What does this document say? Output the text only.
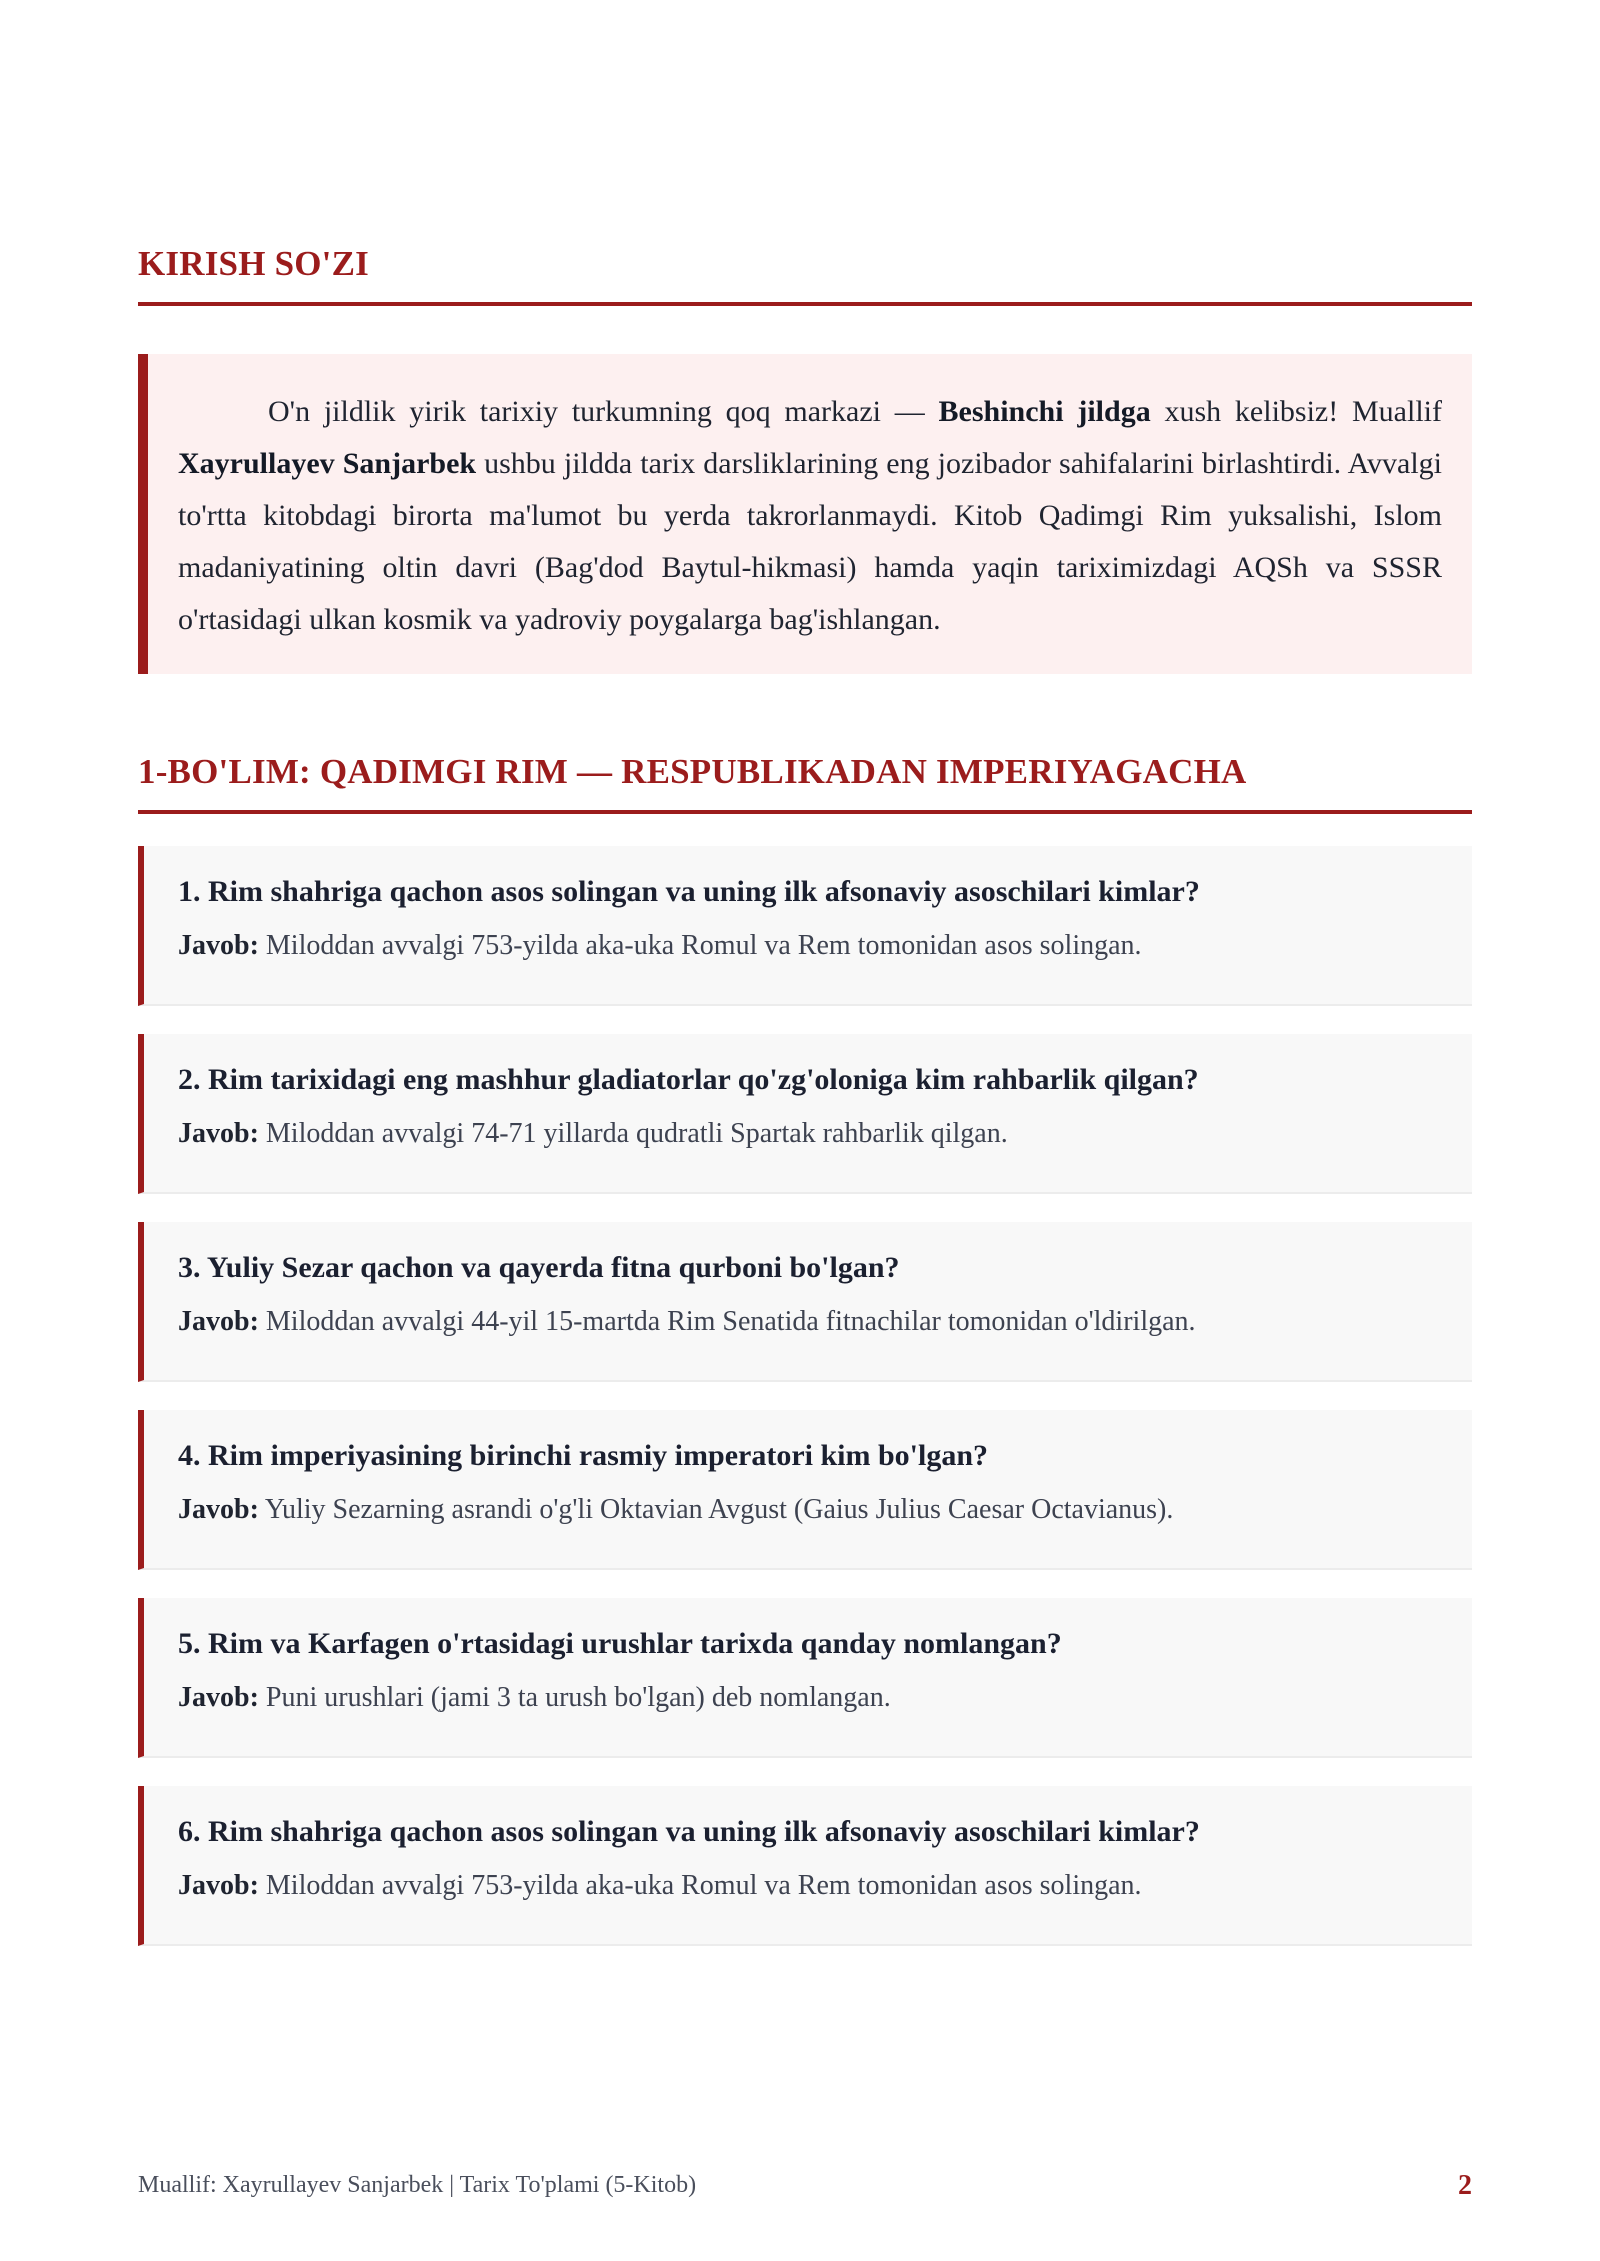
KIRISH SO'ZI

O'n jildlik yirik tarixiy turkumning qoq markazi — Beshinchi jildga xush kelibsiz! Muallif Xayrullayev Sanjarbek ushbu jildda tarix darsliklarining eng jozibador sahifalarini birlashtirdi. Avvalgi to'rtta kitobdagi birorta ma'lumot bu yerda takrorlanmaydi. Kitob Qadimgi Rim yuksalishi, Islom madaniyatining oltin davri (Bag'dod Baytul-hikmasi) hamda yaqin tariximizdagi AQSh va SSSR o'rtasidagi ulkan kosmik va yadroviy poygalarga bag'ishlangan.

1-BO'LIM: QADIMGI RIM — RESPUBLIKADAN IMPERIYAGACHA

1. Rim shahriga qachon asos solingan va uning ilk afsonaviy asoschilari kimlar?

Javob: Miloddan avvalgi 753-yilda aka-uka Romul va Rem tomonidan asos solingan.

2. Rim tarixidagi eng mashhur gladiatorlar qo'zg'oloniga kim rahbarlik qilgan?

Javob: Miloddan avvalgi 74-71 yillarda qudratli Spartak rahbarlik qilgan.

3. Yuliy Sezar qachon va qayerda fitna qurboni bo'lgan?

Javob: Miloddan avvalgi 44-yil 15-martda Rim Senatida fitnachilar tomonidan o'ldirilgan.

4. Rim imperiyasining birinchi rasmiy imperatori kim bo'lgan?

Javob: Yuliy Sezarning asrandi o'g'li Oktavian Avgust (Gaius Julius Caesar Octavianus).

5. Rim va Karfagen o'rtasidagi urushlar tarixda qanday nomlangan?

Javob: Puni urushlari (jami 3 ta urush bo'lgan) deb nomlangan.

6. Rim shahriga qachon asos solingan va uning ilk afsonaviy asoschilari kimlar?

Javob: Miloddan avvalgi 753-yilda aka-uka Romul va Rem tomonidan asos solingan.

Muallif: Xayrullayev Sanjarbek | Tarix To'plami (5-Kitob)	2
